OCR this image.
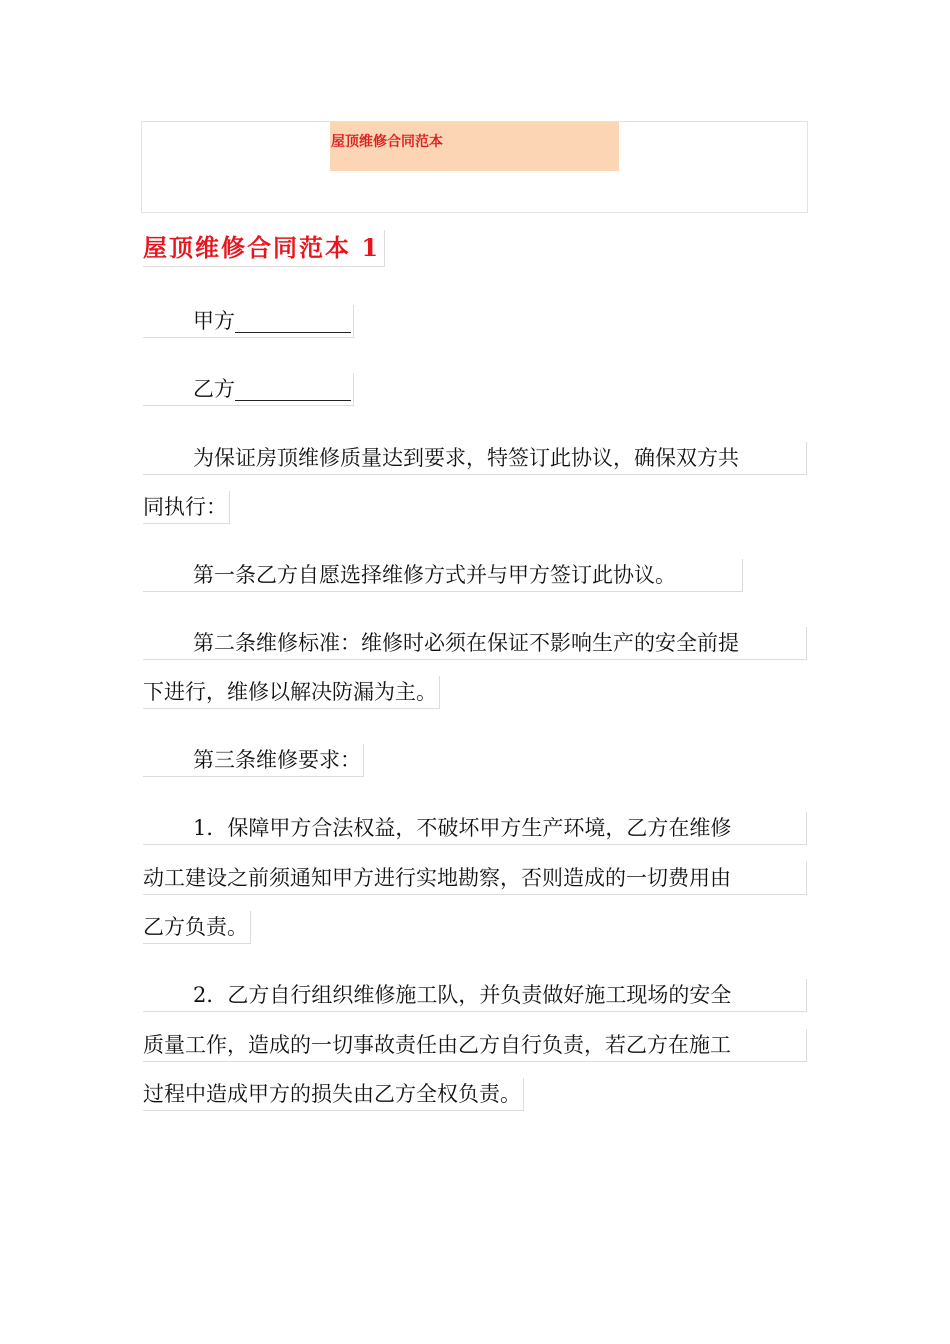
屋顶维修合同范本
屋顶维修合同范本 1
甲方
乙方
为保证房顶维修质量达到要求，特签订此协议，确保双方共
同执行：
第一条乙方自愿选择维修方式并与甲方签订此协议。
第二条维修标准：维修时必须在保证不影响生产的安全前提
下进行，维修以解决防漏为主。
第三条维修要求：
1．保障甲方合法权益，不破坏甲方生产环境，乙方在维修
动工建设之前须通知甲方进行实地勘察，否则造成的一切费用由
乙方负责。
2．乙方自行组织维修施工队，并负责做好施工现场的安全
质量工作，造成的一切事故责任由乙方自行负责，若乙方在施工
过程中造成甲方的损失由乙方全权负责。
